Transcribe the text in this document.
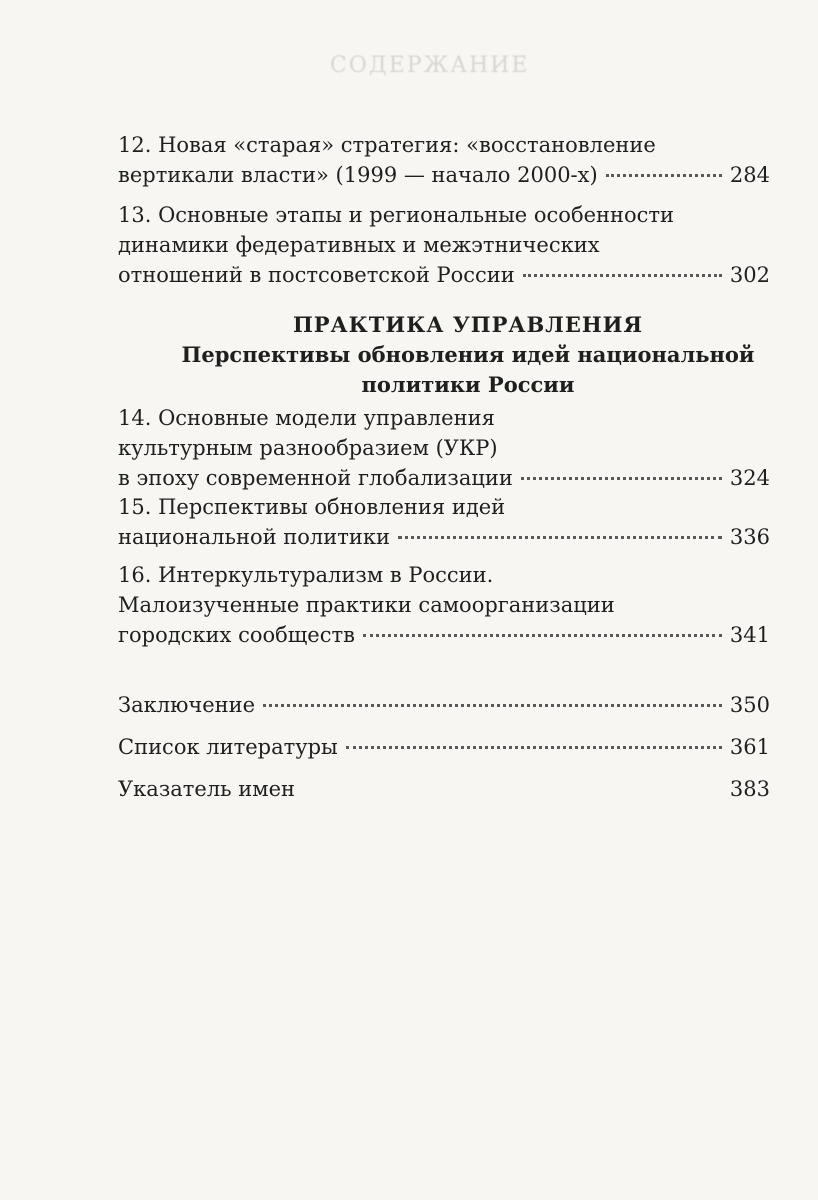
СОДЕРЖАНИЕ
12. Новая «старая» стратегия: «восстановление
вертикали власти» (1999 — начало 2000-х)	284
13. Основные этапы и региональные особенности
динамики федеративных и межэтнических
отношений в постсоветской России	302
ПРАКТИКА УПРАВЛЕНИЯ
Перспективы обновления идей национальной
политики России
14. Основные модели управления
культурным разнообразием (УКР)
в эпоху современной глобализации	324
15. Перспективы обновления идей
национальной политики	336
16. Интеркультурализм в России.
Малоизученные практики самоорганизации
городских сообществ	341
Заключение	350
Список литературы	361
Указатель имен	383
